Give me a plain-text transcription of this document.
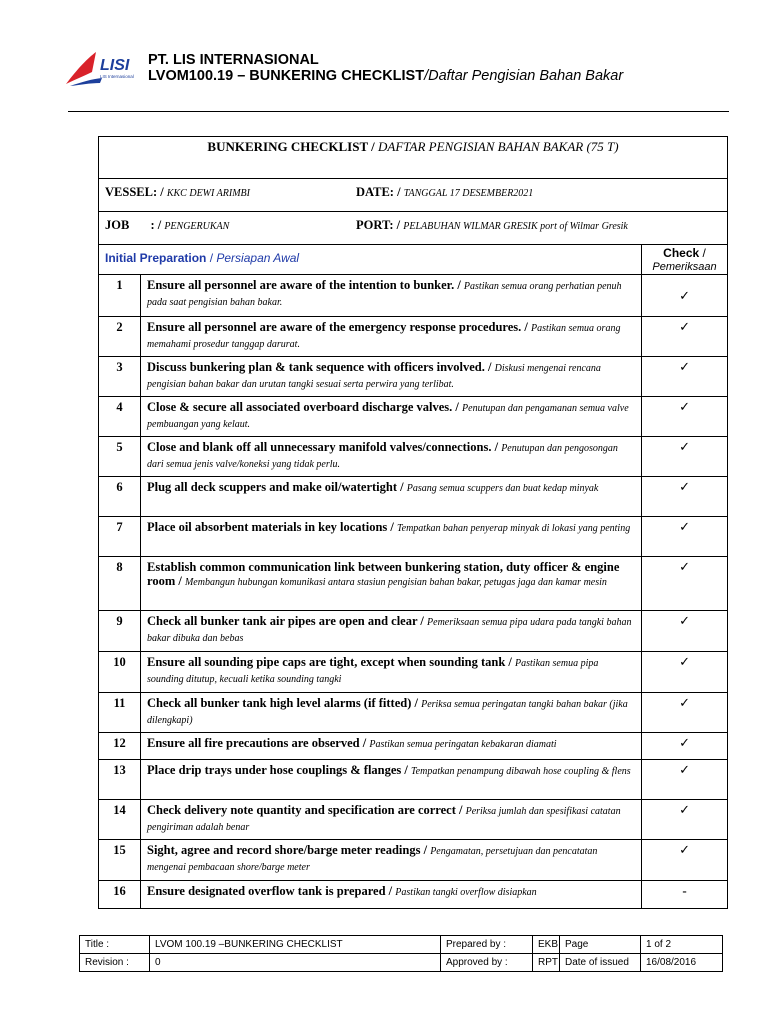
LISI
LIS Internasional
PT. LIS INTERNASIONAL
LVOM100.19 – BUNKERING CHECKLIST/Daftar Pengisian Bahan Bakar
BUNKERING CHECKLIST / DAFTAR PENGISIAN BAHAN BAKAR (75 T)		

VESSEL: / KKC DEWI ARIMBI DATE: / TANGGAL 17 DESEMBER2021		

JOB : / PENGERUKAN PORT: / PELABUHAN WILMAR GRESIK port of Wilmar Gresik		

Initial Preparation / Persiapan Awal		Check /
Pemeriksaan
1	Ensure all personnel are aware of the intention to bunker. / Pastikan semua orang perhatian penuh pada saat pengisian bahan bakar.	✓
2	Ensure all personnel are aware of the emergency response procedures. / Pastikan semua orang memahami prosedur tanggap darurat.	✓
3	Discuss bunkering plan & tank sequence with officers involved. / Diskusi mengenai rencana pengisian bahan bakar dan urutan tangki sesuai serta perwira yang terlibat.	✓
4	Close & secure all associated overboard discharge valves. / Penutupan dan pengamanan semua valve pembuangan yang kelaut.	✓
5	Close and blank off all unnecessary manifold valves/connections. / Penutupan dan pengosongan dari semua jenis valve/koneksi yang tidak perlu.	✓
6	Plug all deck scuppers and make oil/watertight / Pasang semua scuppers dan buat kedap minyak	✓
7	Place oil absorbent materials in key locations / Tempatkan bahan penyerap minyak di lokasi yang penting	✓
8	Establish common communication link between bunkering station, duty officer & engine room / Membangun hubungan komunikasi antara stasiun pengisian bahan bakar, petugas jaga dan kamar mesin	✓
9	Check all bunker tank air pipes are open and clear / Pemeriksaan semua pipa udara pada tangki bahan bakar dibuka dan bebas	✓
10	Ensure all sounding pipe caps are tight, except when sounding tank / Pastikan semua pipa sounding ditutup, kecuali ketika sounding tangki	✓
11	Check all bunker tank high level alarms (if fitted) / Periksa semua peringatan tangki bahan bakar (jika dilengkapi)	✓
12	Ensure all fire precautions are observed / Pastikan semua peringatan kebakaran diamati	✓
13	Place drip trays under hose couplings & flanges / Tempatkan penampung dibawah hose coupling & flens	✓
14	Check delivery note quantity and specification are correct / Periksa jumlah dan spesifikasi catatan pengiriman adalah benar	✓
15	Sight, agree and record shore/barge meter readings / Pengamatan, persetujuan dan pencatatan mengenai pembacaan shore/barge meter	✓
16	Ensure designated overflow tank is prepared / Pastikan tangki overflow disiapkan	-
Title :	LVOM 100.19 –BUNKERING CHECKLIST	Prepared by :	EKB	Page	1 of 2
Revision :	0	Approved by :	RPT	Date of issued	16/08/2016
